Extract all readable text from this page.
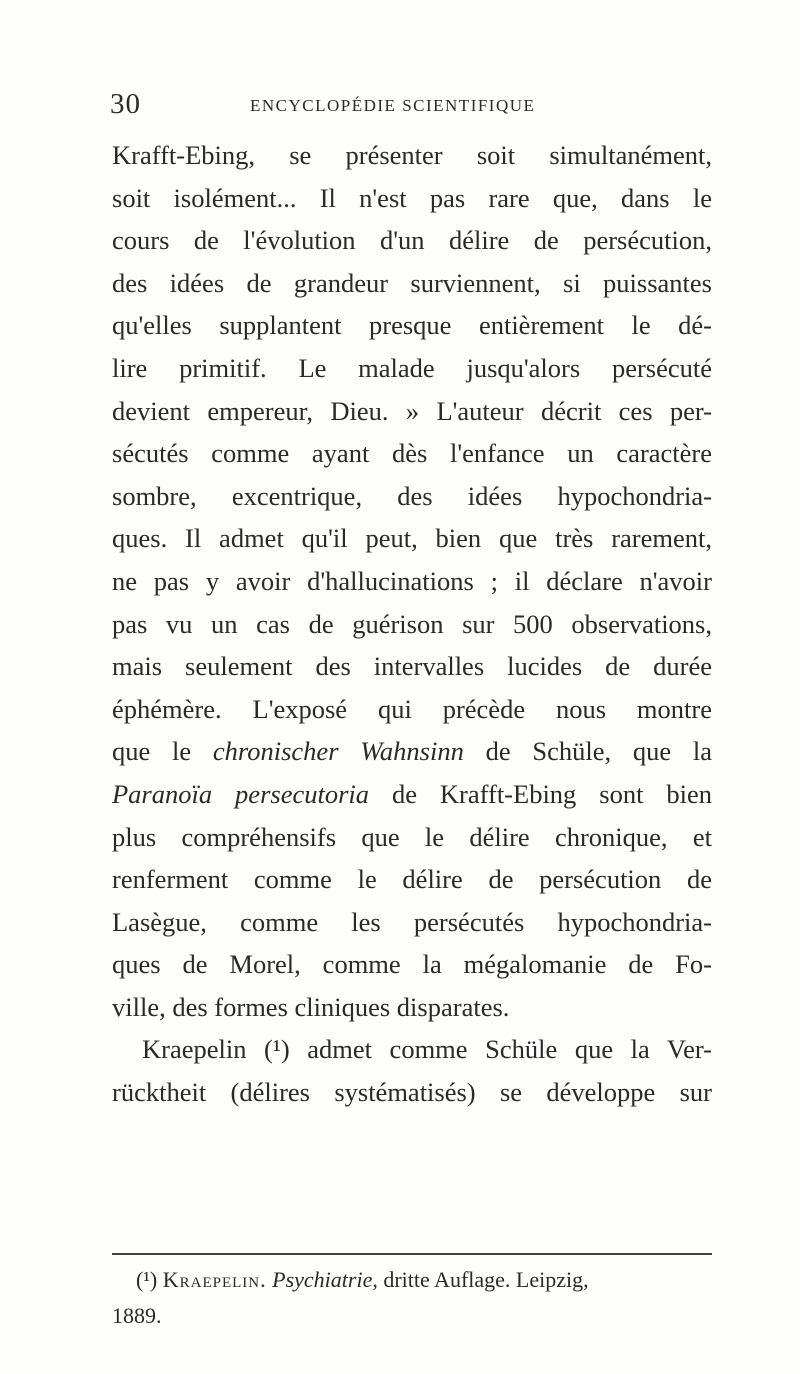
30	ENCYCLOPÉDIE SCIENTIFIQUE
Krafft-Ebing, se présenter soit simultanément,
soit isolément... Il n'est pas rare que, dans le
cours de l'évolution d'un délire de persécution,
des idées de grandeur surviennent, si puissantes
qu'elles supplantent presque entièrement le dé-
lire primitif. Le malade jusqu'alors persécuté
devient empereur, Dieu. » L'auteur décrit ces per-
sécutés comme ayant dès l'enfance un caractère
sombre, excentrique, des idées hypochondria-
ques. Il admet qu'il peut, bien que très rarement,
ne pas y avoir d'hallucinations ; il déclare n'avoir
pas vu un cas de guérison sur 500 observations,
mais seulement des intervalles lucides de durée
éphémère. L'exposé qui précède nous montre
que le chronischer Wahnsinn de Schüle, que la
Paranoïa persecutoria de Krafft-Ebing sont bien
plus compréhensifs que le délire chronique, et
renferment comme le délire de persécution de
Lasègue, comme les persécutés hypochondria-
ques de Morel, comme la mégalomanie de Fo-
ville, des formes cliniques disparates.
Kraepelin (¹) admet comme Schüle que la Ver-
rücktheit (délires systématisés) se développe sur
(¹) Kraepelin. Psychiatrie, dritte Auflage. Leipzig,
1889.
